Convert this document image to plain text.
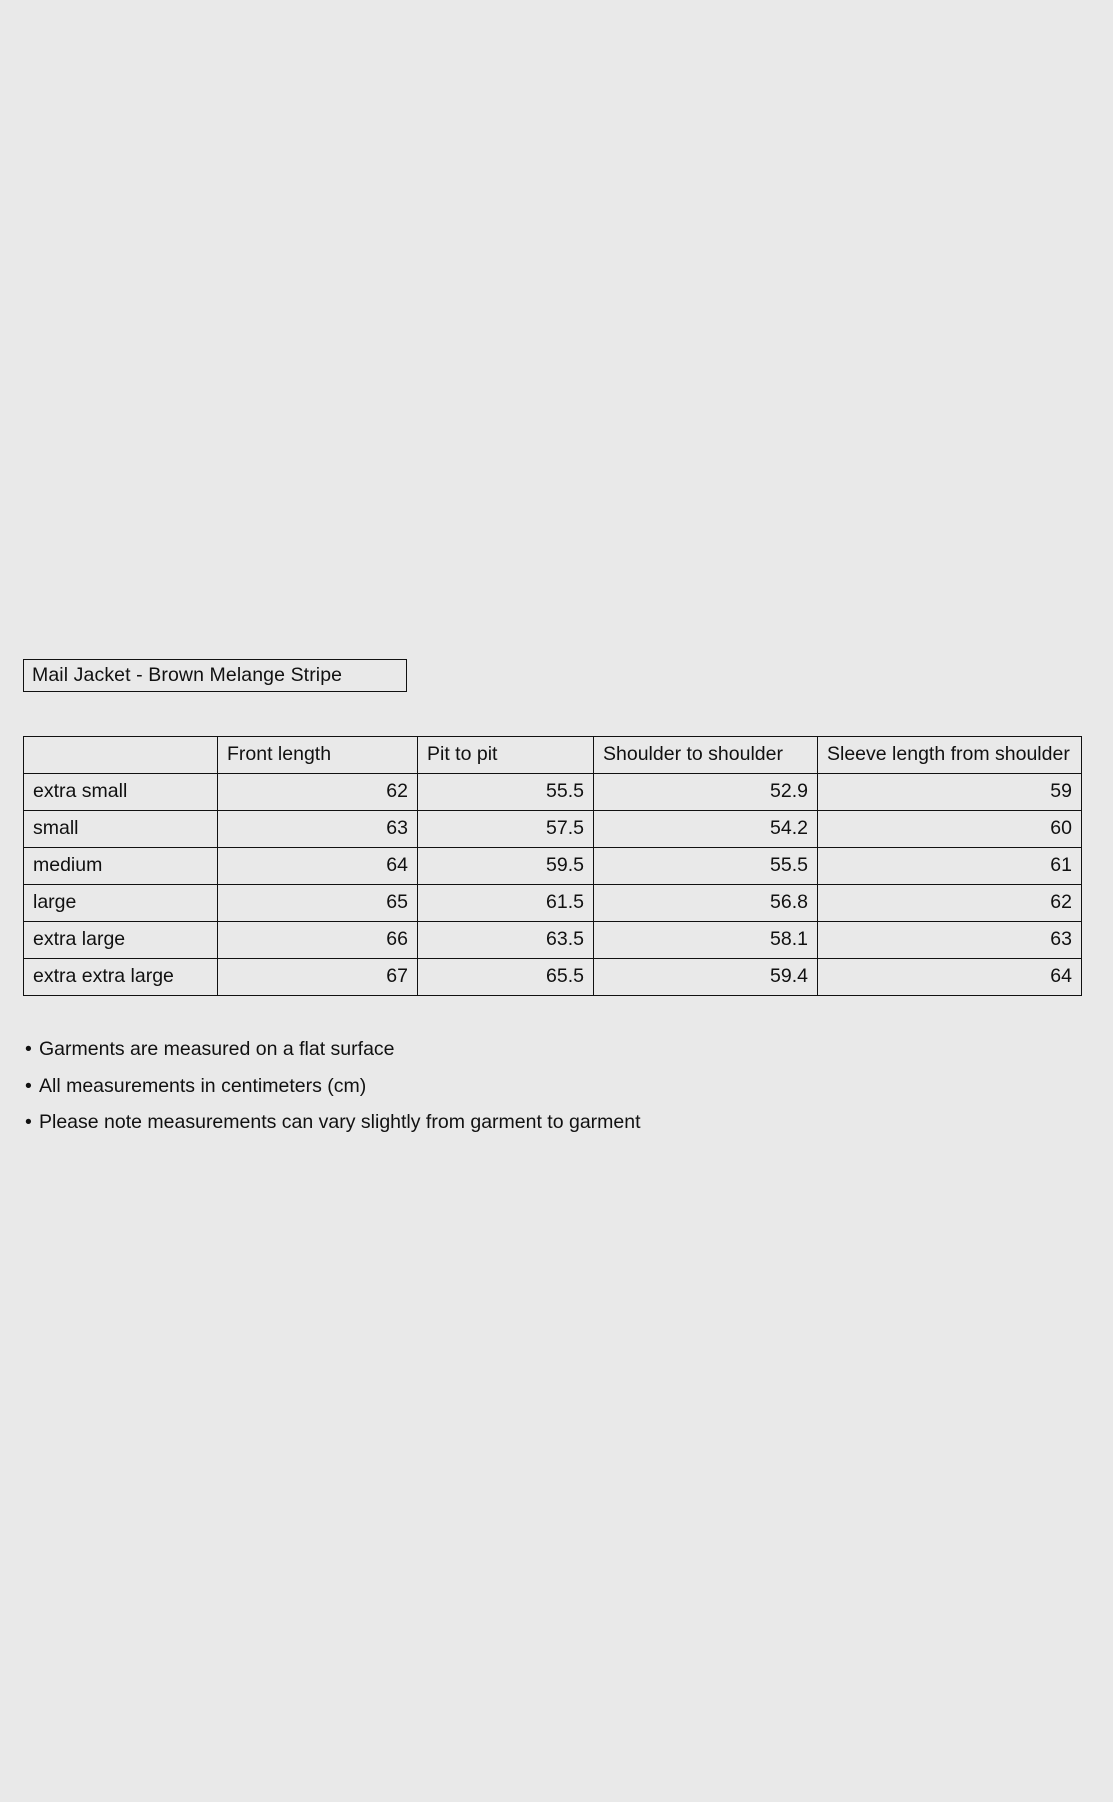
Mail Jacket - Brown Melange Stripe
	Front length	Pit to pit	Shoulder to shoulder	Sleeve length from shoulder
extra small	62	55.5	52.9	59
small	63	57.5	54.2	60
medium	64	59.5	55.5	61
large	65	61.5	56.8	62
extra large	66	63.5	58.1	63
extra extra large	67	65.5	59.4	64
• Garments are measured on a flat surface
• All measurements in centimeters (cm)
• Please note measurements can vary slightly from garment to garment
